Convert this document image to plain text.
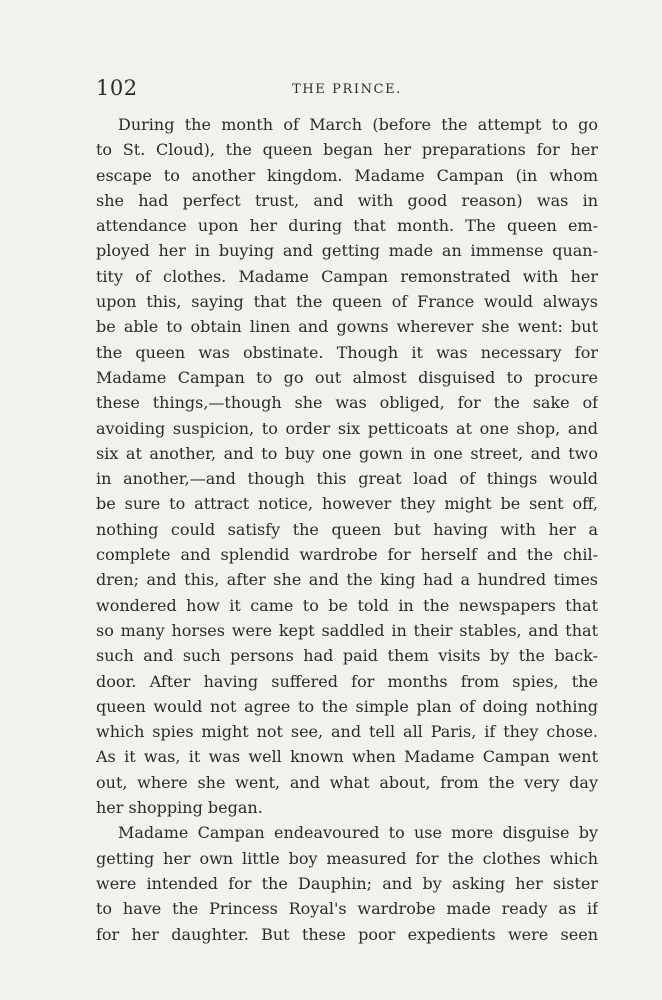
102	THE PRINCE.
During the month of March (before the attempt to go
to St. Cloud), the queen began her preparations for her
escape to another kingdom. Madame Campan (in whom
she had perfect trust, and with good reason) was in
attendance upon her during that month. The queen em-
ployed her in buying and getting made an immense quan-
tity of clothes. Madame Campan remonstrated with her
upon this, saying that the queen of France would always
be able to obtain linen and gowns wherever she went: but
the queen was obstinate. Though it was necessary for
Madame Campan to go out almost disguised to procure
these things,—though she was obliged, for the sake of
avoiding suspicion, to order six petticoats at one shop, and
six at another, and to buy one gown in one street, and two
in another,—and though this great load of things would
be sure to attract notice, however they might be sent off,
nothing could satisfy the queen but having with her a
complete and splendid wardrobe for herself and the chil-
dren; and this, after she and the king had a hundred times
wondered how it came to be told in the newspapers that
so many horses were kept saddled in their stables, and that
such and such persons had paid them visits by the back-
door. After having suffered for months from spies, the
queen would not agree to the simple plan of doing nothing
which spies might not see, and tell all Paris, if they chose.
As it was, it was well known when Madame Campan went
out, where she went, and what about, from the very day
her shopping began.
Madame Campan endeavoured to use more disguise by
getting her own little boy measured for the clothes which
were intended for the Dauphin; and by asking her sister
to have the Princess Royal's wardrobe made ready as if
for her daughter. But these poor expedients were seen
